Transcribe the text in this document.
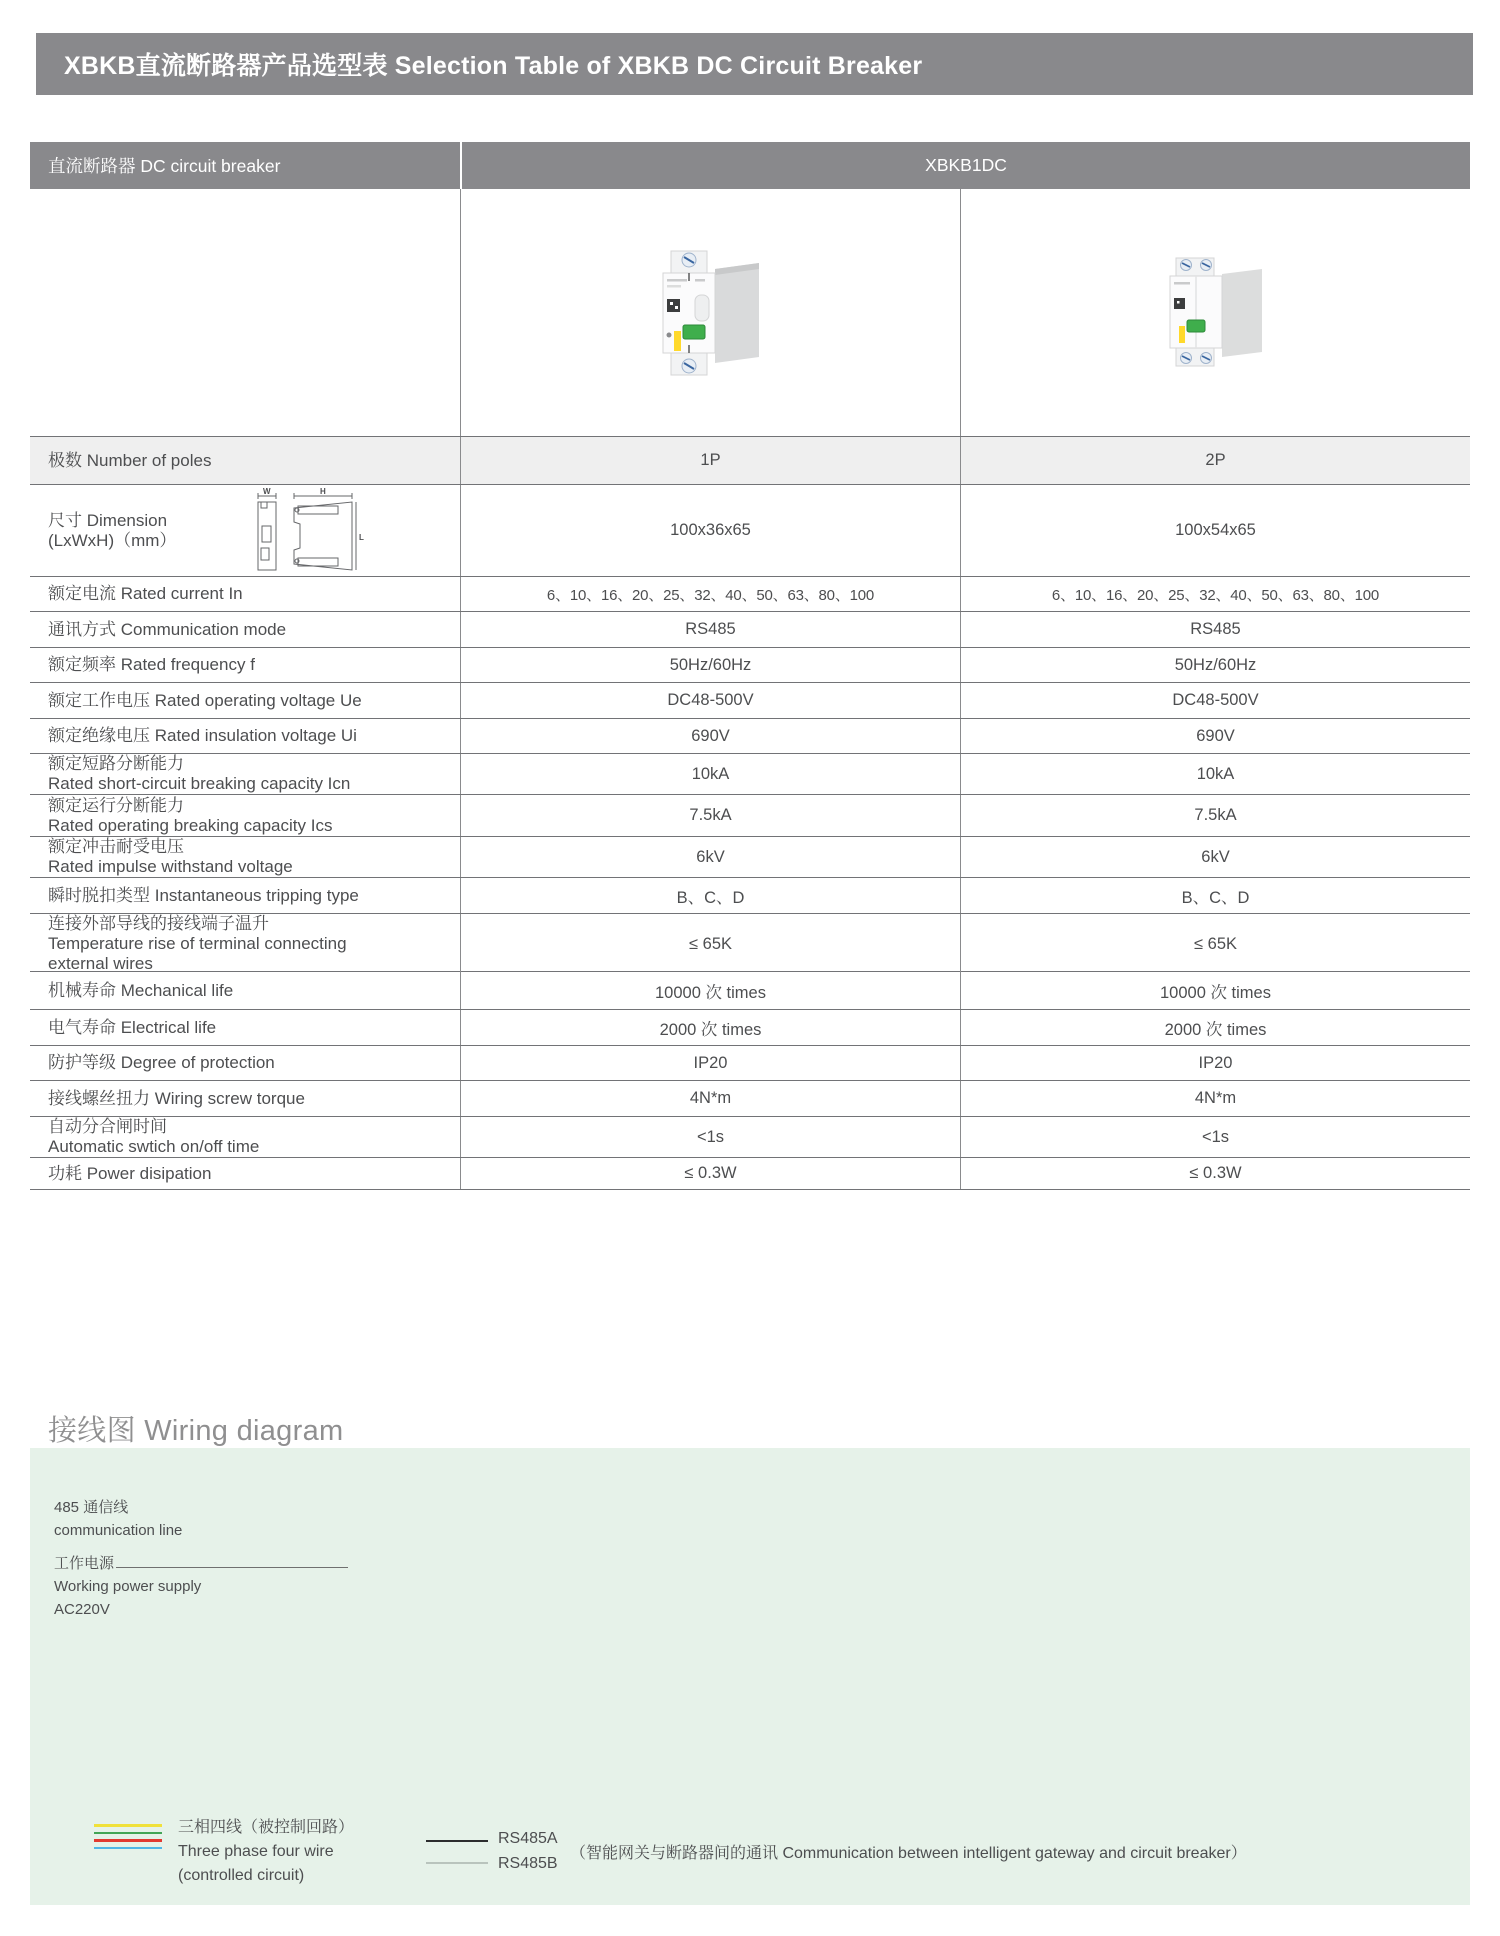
XBKB直流断路器产品选型表 Selection Table of XBKB DC Circuit Breaker
直流断路器 DC circuit breaker	XBKB1DC
极数 Number of poles	1P	2P
尺寸 Dimension
(LxWxH)（mm）
W	H
L	100x36x65	100x54x65
额定电流 Rated current In	6、10、16、20、25、32、40、50、63、80、100	6、10、16、20、25、32、40、50、63、80、100
通讯方式 Communication mode	RS485	RS485
额定频率 Rated frequency f	50Hz/60Hz	50Hz/60Hz
额定工作电压 Rated operating voltage Ue	DC48-500V	DC48-500V
额定绝缘电压 Rated insulation voltage Ui	690V	690V
额定短路分断能力
Rated short-circuit breaking capacity Icn
10kA	10kA
额定运行分断能力
Rated operating breaking capacity Ics
7.5kA	7.5kA
额定冲击耐受电压
Rated impulse withstand voltage
6kV	6kV
瞬时脱扣类型 Instantaneous tripping type	B、C、D	B、C、D
连接外部导线的接线端子温升
Temperature rise of terminal connecting
external wires
≤ 65K	≤ 65K
机械寿命 Mechanical life	10000 次 times	10000 次 times
电气寿命 Electrical life	2000 次 times	2000 次 times
防护等级 Degree of protection	IP20	IP20
接线螺丝扭力 Wiring screw torque	4N*m	4N*m
自动分合闸时间
Automatic swtich on/off time
<1s	<1s
功耗 Power disipation	≤ 0.3W	≤ 0.3W
接线图 Wiring diagram
485 通信线
communication line
工作电源
Working power supply
AC220V
三相四线（被控制回路）
Three phase four wire
(controlled circuit)
RS485A
RS485B
（智能网关与断路器间的通讯 Communication between intelligent gateway and circuit breaker）
